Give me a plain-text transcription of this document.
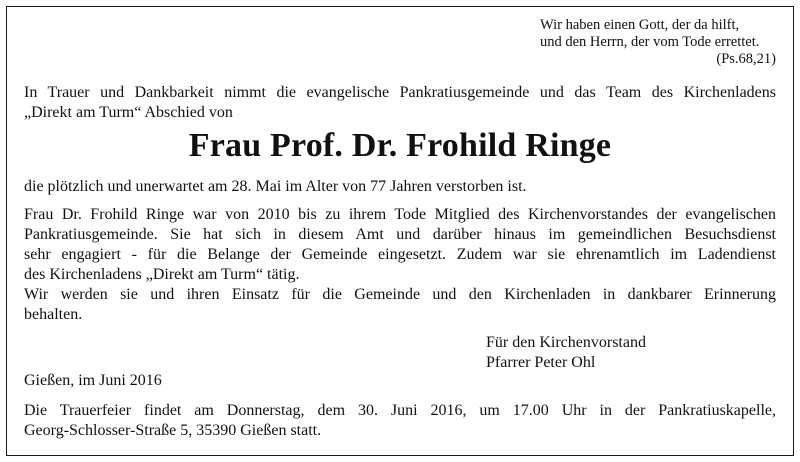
Wir haben einen Gott, der da hilft,
und den Herrn, der vom Tode errettet.
(Ps.68,21)
In Trauer und Dankbarkeit nimmt die evangelische Pankratiusgemeinde und das Team des Kirchenladens
„Direkt am Turm“ Abschied von
Frau Prof. Dr. Frohild Ringe
die plötzlich und unerwartet am 28. Mai im Alter von 77 Jahren verstorben ist.
Frau Dr. Frohild Ringe war von 2010 bis zu ihrem Tode Mitglied des Kirchenvorstandes der evangelischen
Pankratiusgemeinde. Sie hat sich in diesem Amt und darüber hinaus im gemeindlichen Besuchsdienst
sehr engagiert - für die Belange der Gemeinde eingesetzt. Zudem war sie ehrenamtlich im Ladendienst
des Kirchenladens „Direkt am Turm“ tätig.
Wir werden sie und ihren Einsatz für die Gemeinde und den Kirchenladen in dankbarer Erinnerung
behalten.
Für den Kirchenvorstand
Pfarrer Peter Ohl
Gießen, im Juni 2016
Die Trauerfeier findet am Donnerstag, dem 30. Juni 2016, um 17.00 Uhr in der Pankratiuskapelle,
Georg-Schlosser-Straße 5, 35390 Gießen statt.
